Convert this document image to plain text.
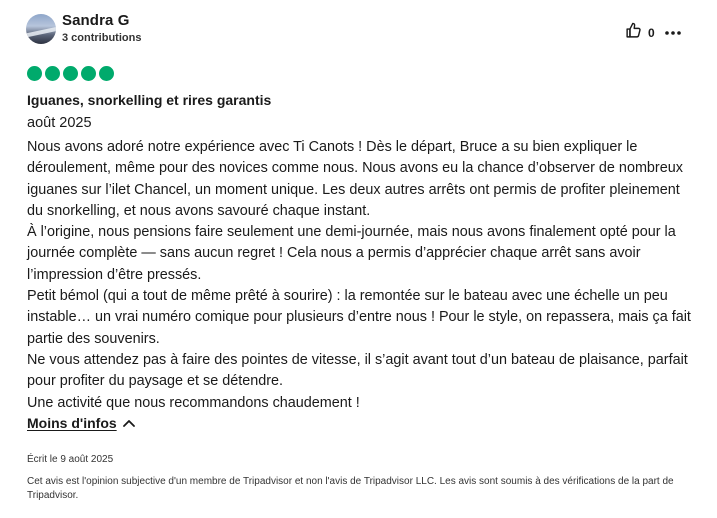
Sandra G
3 contributions	0
Iguanes, snorkelling et rires garantis
août 2025

Nous avons adoré notre expérience avec Ti Canots ! Dès le départ, Bruce a su bien expliquer le déroulement, même pour des novices comme nous. Nous avons eu la chance d’observer de nombreux iguanes sur l’ilet Chancel, un moment unique. Les deux autres arrêts ont permis de profiter pleinement du snorkelling, et nous avons savouré chaque instant.

À l’origine, nous pensions faire seulement une demi-journée, mais nous avons finalement opté pour la journée complète — sans aucun regret ! Cela nous a permis d’apprécier chaque arrêt sans avoir l’impression d’être pressés.

Petit bémol (qui a tout de même prêté à sourire) : la remontée sur le bateau avec une échelle un peu instable… un vrai numéro comique pour plusieurs d’entre nous ! Pour le style, on repassera, mais ça fait partie des souvenirs.

Ne vous attendez pas à faire des pointes de vitesse, il s’agit avant tout d’un bateau de plaisance, parfait pour profiter du paysage et se détendre.

Une activité que nous recommandons chaudement !

Moins d'infos
Écrit le 9 août 2025
Cet avis est l'opinion subjective d'un membre de Tripadvisor et non l'avis de Tripadvisor LLC. Les avis sont soumis à des vérifications de la part de Tripadvisor.
